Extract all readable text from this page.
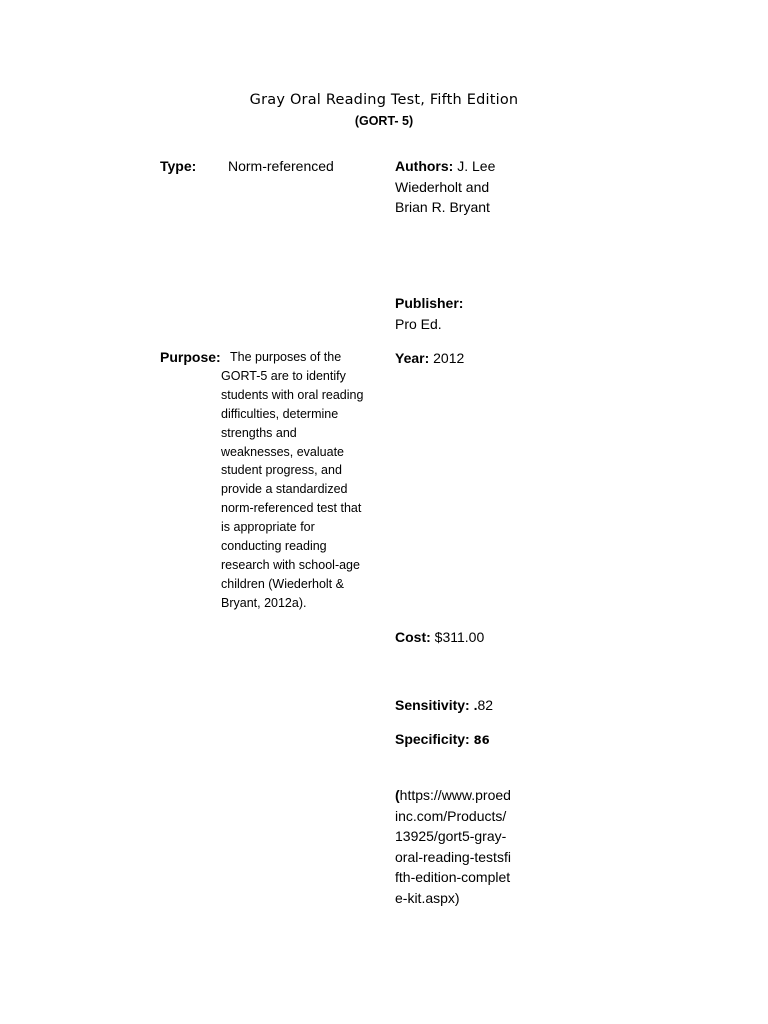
Gray Oral Reading Test, Fifth Edition
(GORT- 5)
Type: Norm-referenced	Authors: J. Lee
Wiederholt and
Brian R. Bryant
Publisher:
Pro Ed.
Purpose: The purposes of the
GORT-5 are to identify
students with oral reading
difficulties, determine
strengths and
weaknesses, evaluate
student progress, and
provide a standardized
norm-referenced test that
is appropriate for
conducting reading
research with school-age
children (Wiederholt &
Bryant, 2012a).
Year: 2012
Cost: $311.00
Sensitivity: .82
Specificity: 86
(https://www.proed
inc.com/Products/
13925/gort5-gray-
oral-reading-testsfi
fth-edition-complet
e-kit.aspx)
